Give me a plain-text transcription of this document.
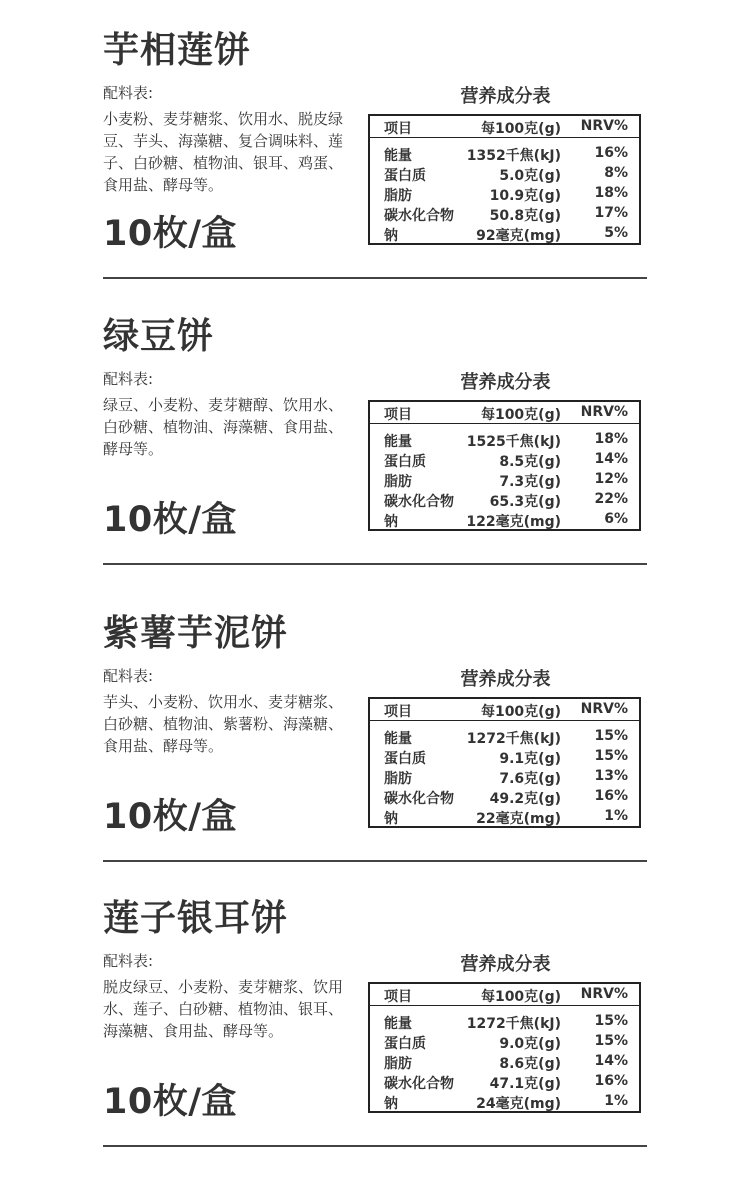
芋相莲饼
配料表:
小麦粉、麦芽糖浆、饮用水、脱皮绿豆、芋头、海藻糖、复合调味料、莲子、白砂糖、植物油、银耳、鸡蛋、食用盐、酵母等。
10枚/盒
营养成分表
项目	每100克(g) NRV%
能量	1352千焦(kJ) 16%
蛋白质	5.0克(g)	8%
脂肪	10.9克(g) 18%
碳水化合物	50.8克(g) 17%
钠	92毫克(mg)	5%
绿豆饼
配料表:
绿豆、小麦粉、麦芽糖醇、饮用水、白砂糖、植物油、海藻糖、食用盐、酵母等。
10枚/盒
营养成分表
项目	每100克(g) NRV%
能量	1525千焦(kJ) 18%
蛋白质	8.5克(g) 14%
脂肪	7.3克(g) 12%
碳水化合物	65.3克(g) 22%
钠	122毫克(mg)	6%
紫薯芋泥饼
配料表:
芋头、小麦粉、饮用水、麦芽糖浆、白砂糖、植物油、紫薯粉、海藻糖、食用盐、酵母等。
10枚/盒
营养成分表
项目	每100克(g) NRV%
能量	1272千焦(kJ) 15%
蛋白质	9.1克(g) 15%
脂肪	7.6克(g) 13%
碳水化合物	49.2克(g) 16%
钠	22毫克(mg)	1%
莲子银耳饼
配料表:
脱皮绿豆、小麦粉、麦芽糖浆、饮用水、莲子、白砂糖、植物油、银耳、海藻糖、食用盐、酵母等。
10枚/盒
营养成分表
项目	每100克(g) NRV%
能量	1272千焦(kJ) 15%
蛋白质	9.0克(g) 15%
脂肪	8.6克(g) 14%
碳水化合物	47.1克(g) 16%
钠	24毫克(mg)	1%
